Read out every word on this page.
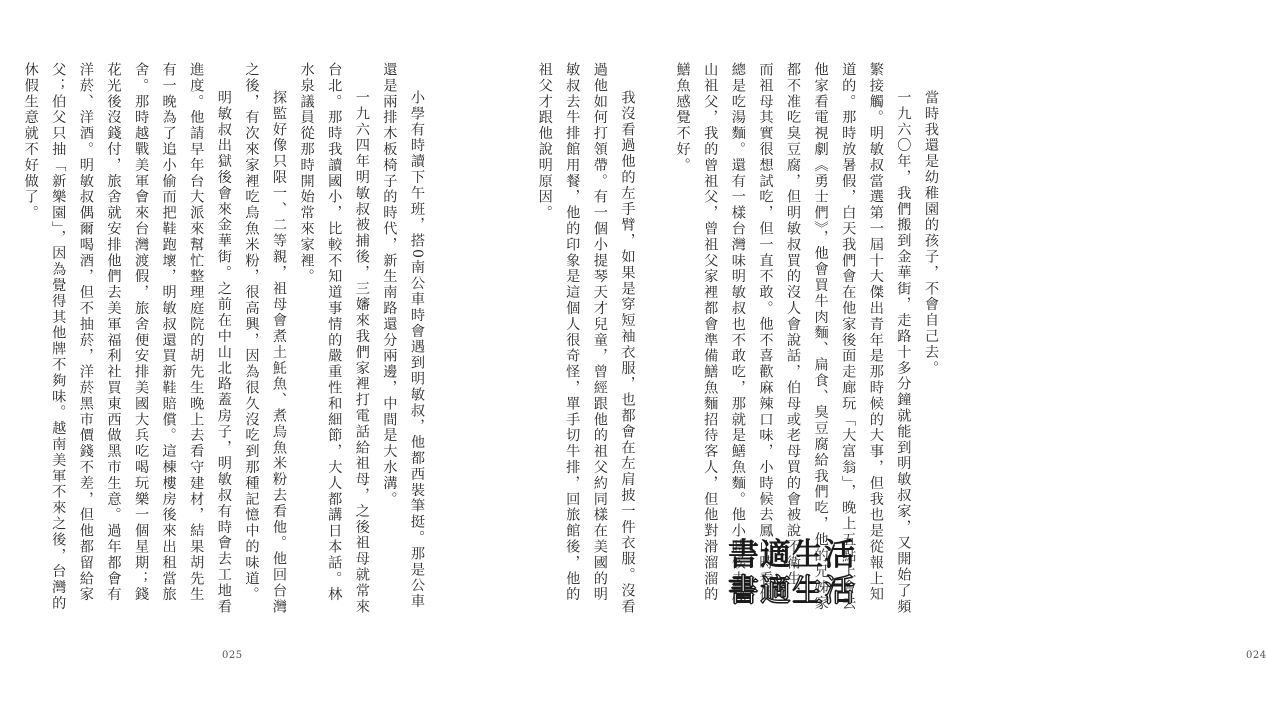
小學有時讀下午班，搭0南公車時會遇到明敏叔，他都西裝筆挺。那是公車還是兩排木板椅子的時代，新生南路還分兩邊，中間是大水溝。

一九六四年明敏叔被捕後，三嬸來我們家裡打電話給祖母，之後祖母就常來台北。那時我讀國小，比較不知道事情的嚴重性和細節，大人都講日本話。林水泉議員從那時開始常來家裡。

探監好像只限一、二等親，祖母會煮土魠魚、煮烏魚米粉去看他。他回台灣之後，有次來家裡吃烏魚米粉，很高興，因為很久沒吃到那種記憶中的味道。

明敏叔出獄後會來金華街。之前在中山北路蓋房子，明敏叔有時會去工地看進度。他請早年台大派來幫忙整理庭院的胡先生晚上去看守建材，結果胡先生有一晚為了追小偷而把鞋跑壞，明敏叔還買新鞋賠償。這棟樓房後來出租當旅舍。那時越戰美軍會來台灣渡假，旅舍便安排美國大兵吃喝玩樂一個星期；錢花光後沒錢付，旅舍就安排他們去美軍福利社買東西做黑市生意。過年都會有洋菸、洋酒。明敏叔偶爾喝酒，但不抽菸，洋菸黑市價錢不差，但他都留給家父；伯父只抽「新樂園」，因為覺得其他牌不夠味。越南美軍不來之後，台灣的休假生意就不好做了。

025	024

當時我還是幼稚園的孩子，不會自己去。

一九六〇年，我們搬到金華街，走路十多分鐘就能到明敏叔家，又開始了頻繁接觸。明敏叔當選第一屆十大傑出青年是那時候的大事，但我也是從報上知道的。那時放暑假，白天我們會在他家後面走廊玩「大富翁」，晚上五點上會去他家看電視劇《勇士們》，他會買牛肉麵、扁食、臭豆腐給我們吃，他的兄姊家都不准吃臭豆腐，但明敏叔買的沒人會說話，伯母或老母買的會被說不衛生，而祖母其實很想試吃，但一直不敢。他不喜歡麻辣口味，小時候去鳳山時看他總是吃湯麵。還有一樣台灣味明敏叔也不敢吃，那就是鱔魚麵。他小時候去鳳山祖父，我的曾祖父，曾祖父家裡都會準備鱔魚麵招待客人，但他對滑溜溜的鱔魚感覺不好。

我沒看過他的左手臂，如果是穿短袖衣服，也都會在左肩披一件衣服。沒看過他如何打領帶。有一個小提琴天才兒童，曾經跟他的祖父約同樣在美國的明敏叔去牛排館用餐，他的印象是這個人很奇怪，單手切牛排，回旅館後，他的祖父才跟他說明原因。

書適生活
書適生活
